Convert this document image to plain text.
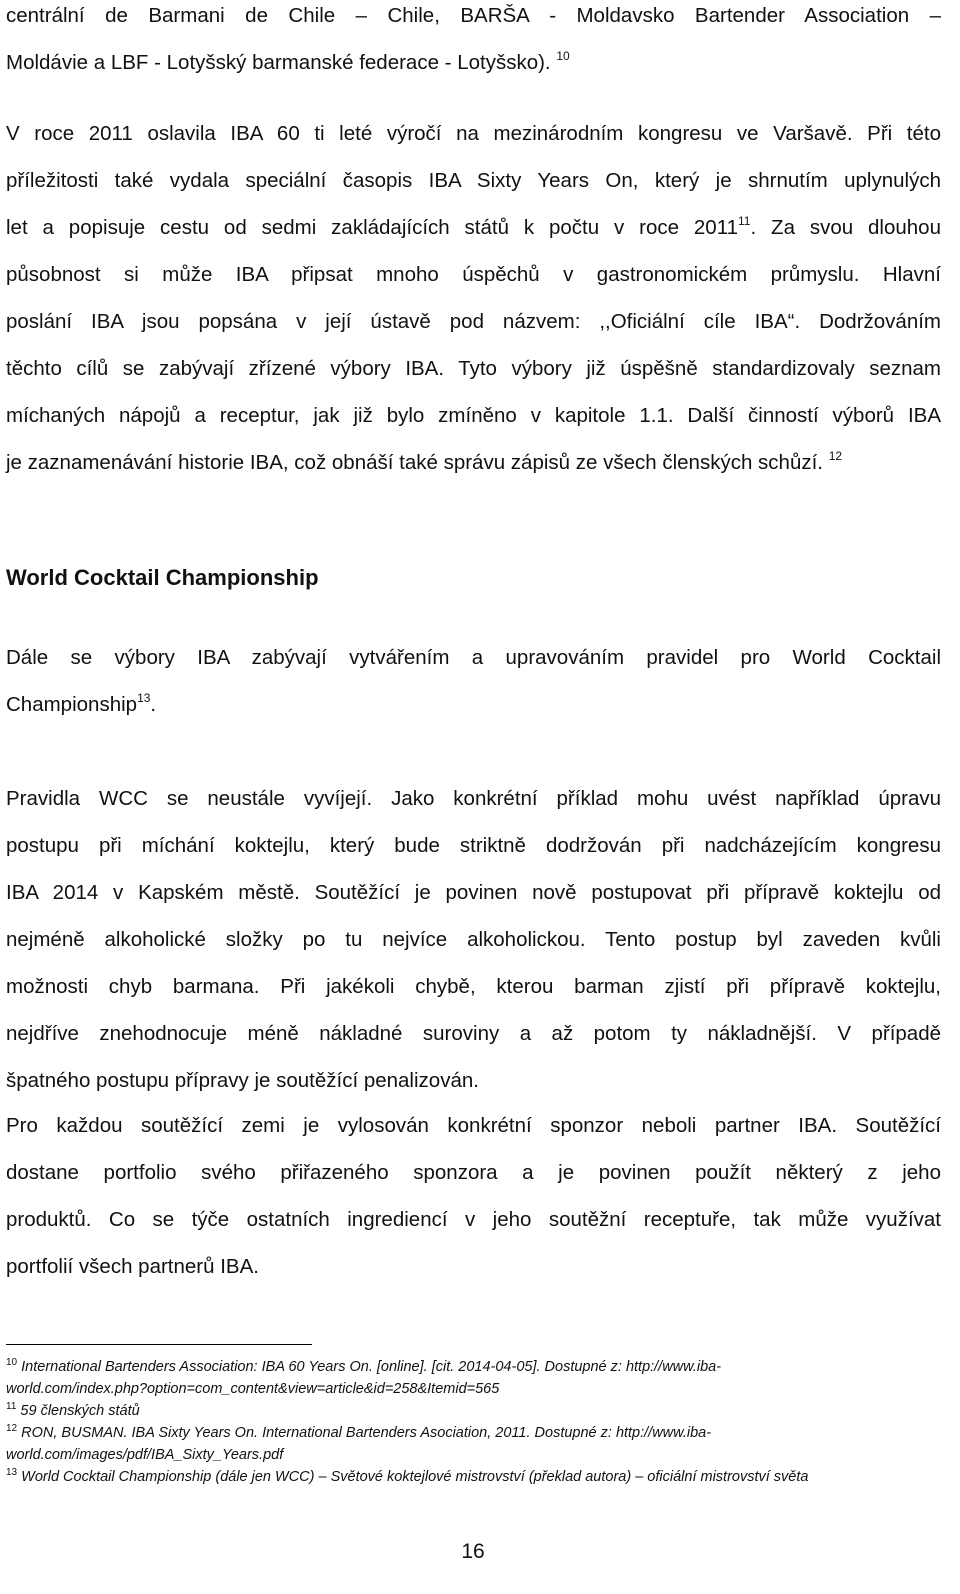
centrální de Barmani de Chile – Chile, BARŠA - Moldavsko Bartender Association –
Moldávie a LBF - Lotyšský barmanské federace - Lotyšsko). $^{10}$
V roce 2011 oslavila IBA 60 ti leté výročí na mezinárodním kongresu ve Varšavě. Při této
příležitosti také vydala speciální časopis IBA Sixty Years On, který je shrnutím uplynulých
let a popisuje cestu od sedmi zakládajících států k počtu v roce 2011$^{11}$. Za svou dlouhou
působnost si může IBA připsat mnoho úspěchů v gastronomickém průmyslu. Hlavní
poslání IBA jsou popsána v její ústavě pod názvem: ,,Oficiální cíle IBA“. Dodržováním
těchto cílů se zabývají zřízené výbory IBA. Tyto výbory již úspěšně standardizovaly seznam
míchaných nápojů a receptur, jak již bylo zmíněno v kapitole 1.1. Další činností výborů IBA
je zaznamenávání historie IBA, což obnáší také správu zápisů ze všech členských schůzí. $^{12}$
World Cocktail Championship
Dále se výbory IBA zabývají vytvářením a upravováním pravidel pro World Cocktail
Championship$^{13}$.
Pravidla WCC se neustále vyvíjejí. Jako konkrétní příklad mohu uvést například úpravu
postupu při míchání koktejlu, který bude striktně dodržován při nadcházejícím kongresu
IBA 2014 v Kapském městě. Soutěžící je povinen nově postupovat při přípravě koktejlu od
nejméně alkoholické složky po tu nejvíce alkoholickou. Tento postup byl zaveden kvůli
možnosti chyb barmana. Při jakékoli chybě, kterou barman zjistí při přípravě koktejlu,
nejdříve znehodnocuje méně nákladné suroviny a až potom ty nákladnější. V případě
špatného postupu přípravy je soutěžící penalizován.
Pro každou soutěžící zemi je vylosován konkrétní sponzor neboli partner IBA. Soutěžící
dostane portfolio svého přiřazeného sponzora a je povinen použít některý z jeho
produktů. Co se týče ostatních ingrediencí v jeho soutěžní receptuře, tak může využívat
portfolií všech partnerů IBA.
$^{10}$ International Bartenders Association: IBA 60 Years On. [online]. [cit. 2014-04-05]. Dostupné z: http://www.iba-
world.com/index.php?option=com_content&view=article&id=258&Itemid=565
$^{11}$ 59 členských států
$^{12}$ RON, BUSMAN. IBA Sixty Years On. International Bartenders Asociation, 2011. Dostupné z: http://www.iba-
world.com/images/pdf/IBA_Sixty_Years.pdf
$^{13}$ World Cocktail Championship (dále jen WCC) – Světové koktejlové mistrovství (překlad autora) – oficiální mistrovství světa
16
